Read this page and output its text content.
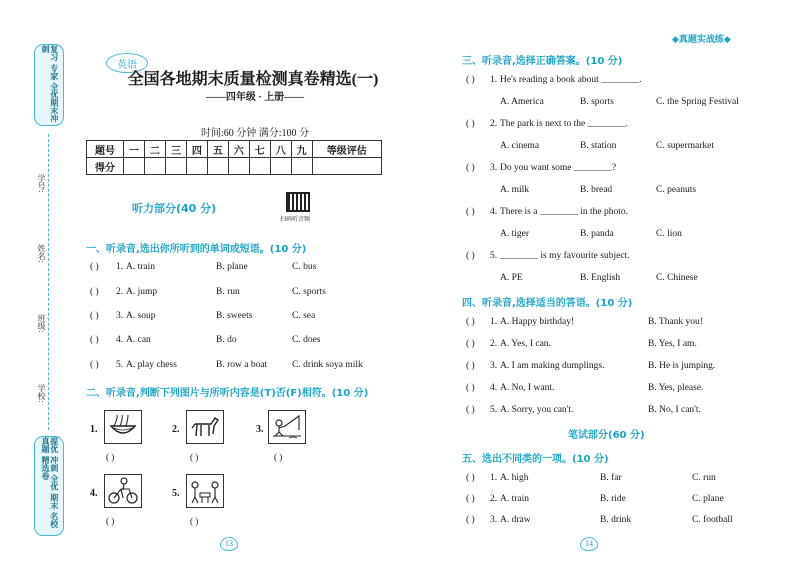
复习 专家 全优期末冲刺
学号:
姓名:
班级:
学校:
提优 冲刺 全优 期末 名校真题 精选卷
英语
全国各地期末质量检测真卷精选(一)
——四年级 · 上册——
时间:60 分钟 满分:100 分
题号	一	二	三	四	五	六	七	八	九	等级评估
得分										
听力部分(40 分)
扫码听音频
一、听录音,选出你所听到的单词或短语。(10 分)
( ) 1. A. train	B. plane	C. bus
( ) 2. A. jump	B. run	C. sports
( ) 3. A. soup	B. sweets	C. sea
( ) 4. A. can	B. do	C. does
( ) 5. A. play chess	B. row a boat	C. drink soya milk
二、听录音,判断下列图片与所听内容是(T)否(F)相符。(10 分)
1.
( )
2.
( )
3.
( )
4.
( )
5.
( )
13
◆真题实战练◆
三、听录音,选择正确答案。(10 分)
( ) 1. He's reading a book about ________.
A. America	B. sports	C. the Spring Festival
( ) 2. The park is next to the ________.
A. cinema	B. station	C. supermarket
( ) 3. Do you want some ________?
A. milk	B. bread	C. peanuts
( ) 4. There is a ________ in the photo.
A. tiger	B. panda	C. lion
( ) 5. ________ is my favourite subject.
A. PE	B. English	C. Chinese
四、听录音,选择适当的答语。(10 分)
( ) 1. A. Happy birthday!	B. Thank you!
( ) 2. A. Yes, I can.	B. Yes, I am.
( ) 3. A. I am making dumplings.	B. He is jumping.
( ) 4. A. No, I want.	B. Yes, please.
( ) 5. A. Sorry, you can't.	B. No, I can't.
笔试部分(60 分)
五、选出不同类的一项。(10 分)
( ) 1. A. high	B. far	C. run
( ) 2. A. train	B. ride	C. plane
( ) 3. A. draw	B. drink	C. football
14
